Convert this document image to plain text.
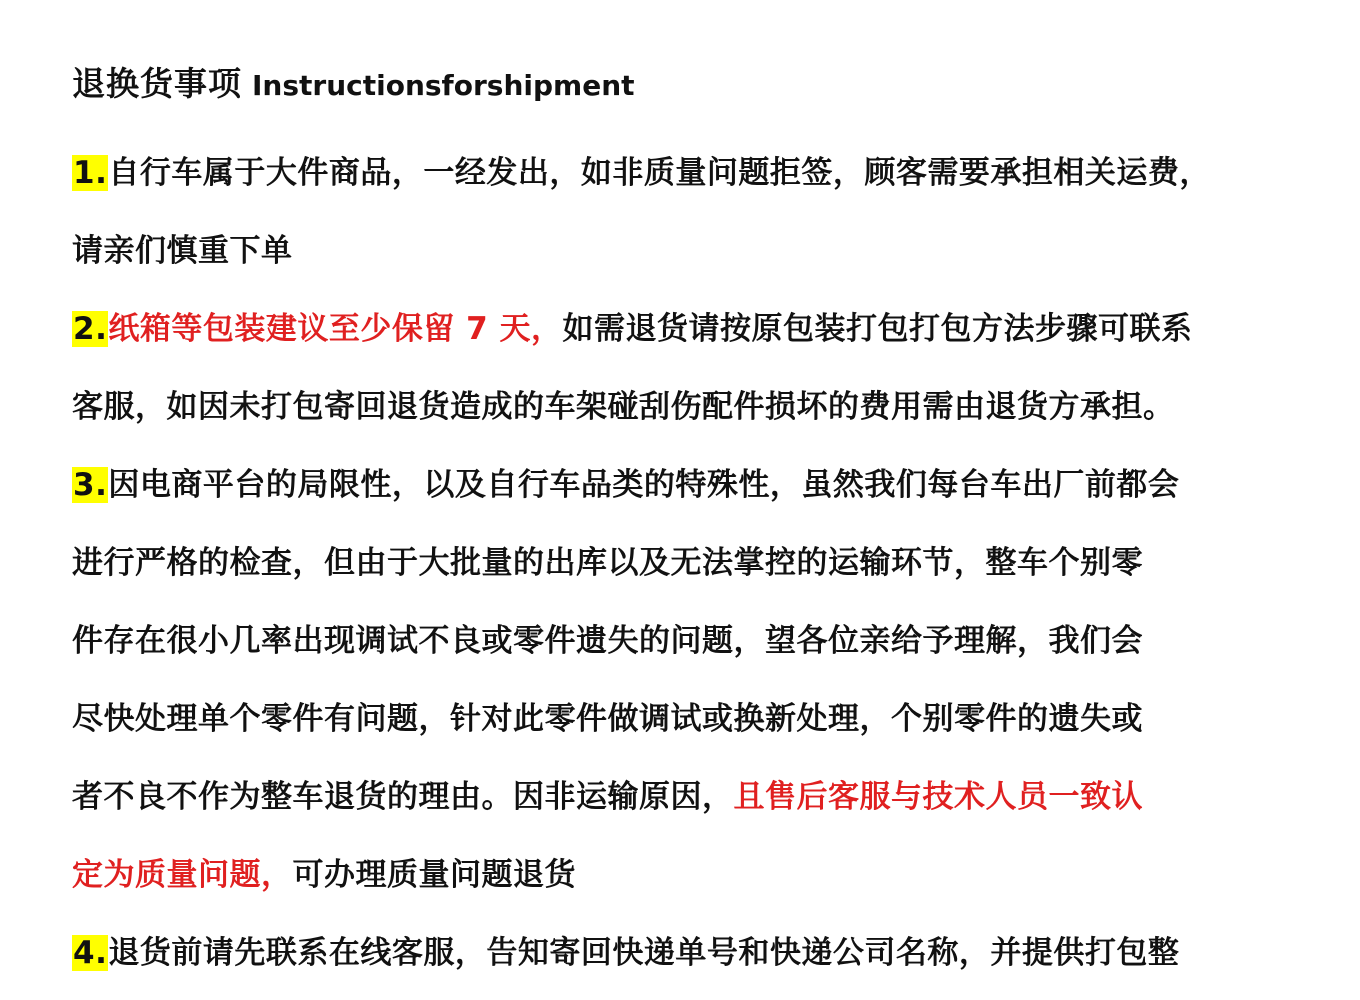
退换货事项 Instructionsforshipment
1.自行车属于大件商品，一经发出，如非质量问题拒签，顾客需要承担相关运费，
请亲们慎重下单
2.纸箱等包装建议至少保留 7 天，如需退货请按原包装打包打包方法步骤可联系
客服，如因未打包寄回退货造成的车架碰刮伤配件损坏的费用需由退货方承担。
3.因电商平台的局限性，以及自行车品类的特殊性，虽然我们每台车出厂前都会
进行严格的检查，但由于大批量的出库以及无法掌控的运输环节，整车个别零
件存在很小几率出现调试不良或零件遗失的问题，望各位亲给予理解，我们会
尽快处理单个零件有问题，针对此零件做调试或换新处理，个别零件的遗失或
者不良不作为整车退货的理由。因非运输原因，且售后客服与技术人员一致认
定为质量问题，可办理质量问题退货
4.退货前请先联系在线客服，告知寄回快递单号和快递公司名称，并提供打包整
